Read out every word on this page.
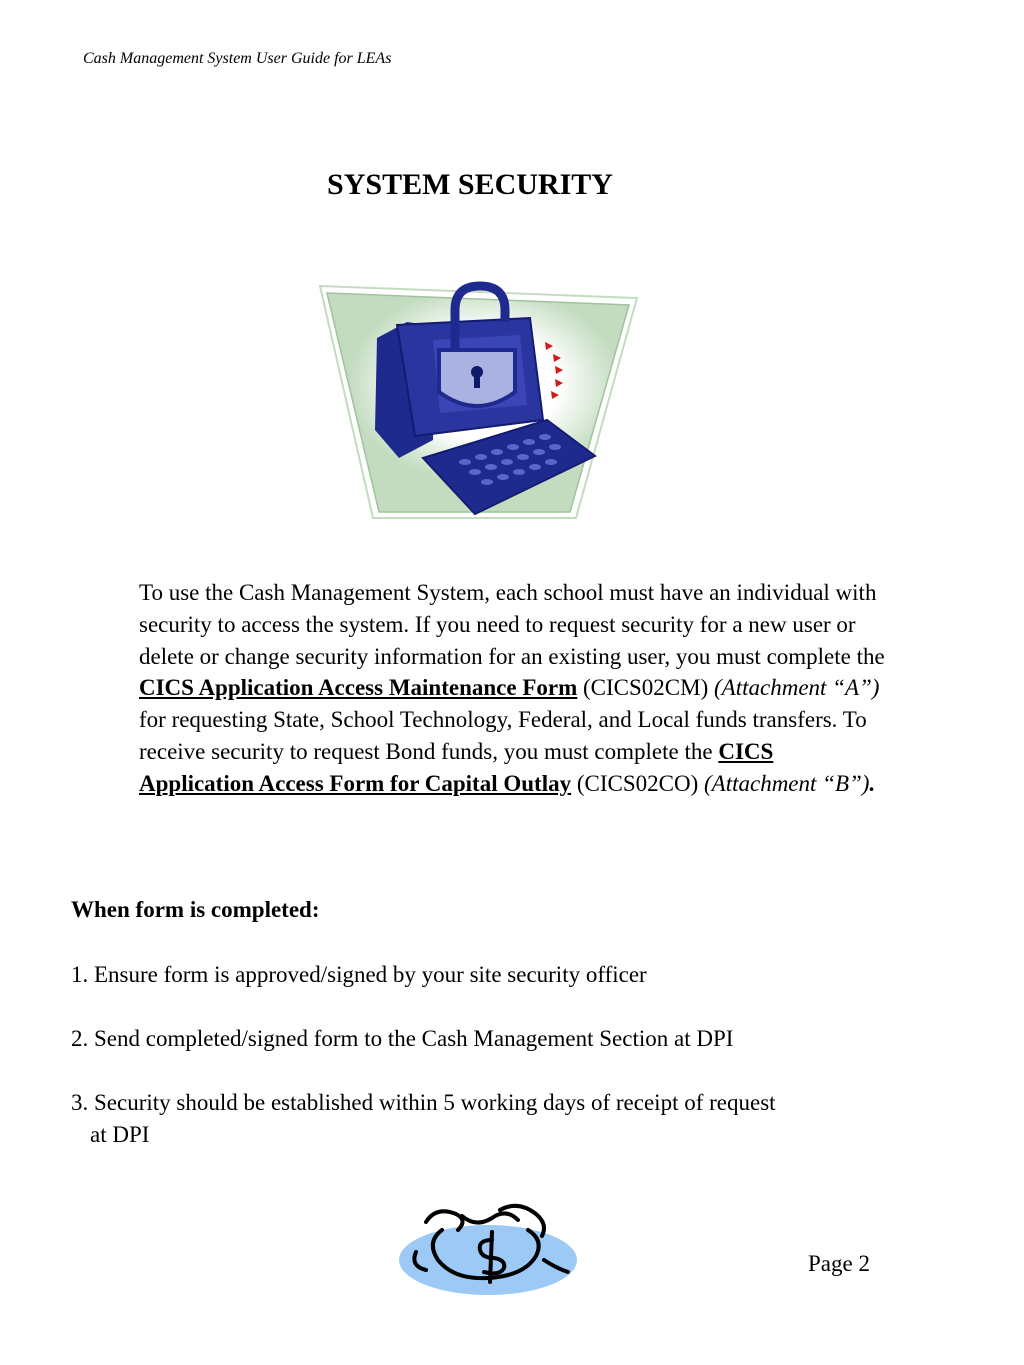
Cash Management System User Guide for LEAs
SYSTEM SECURITY
To use the Cash Management System, each school must have an individual with security to access the system. If you need to request security for a new user or delete or change security information for an existing user, you must complete the CICS Application Access Maintenance Form (CICS02CM) (Attachment “A”) for requesting State, School Technology, Federal, and Local funds transfers. To receive security to request Bond funds, you must complete the CICS Application Access Form for Capital Outlay (CICS02CO) (Attachment “B”).
When form is completed:
1. Ensure form is approved/signed by your site security officer
2. Send completed/signed form to the Cash Management Section at DPI
3. Security should be established within 5 working days of receipt of request
at DPI
Page 2
